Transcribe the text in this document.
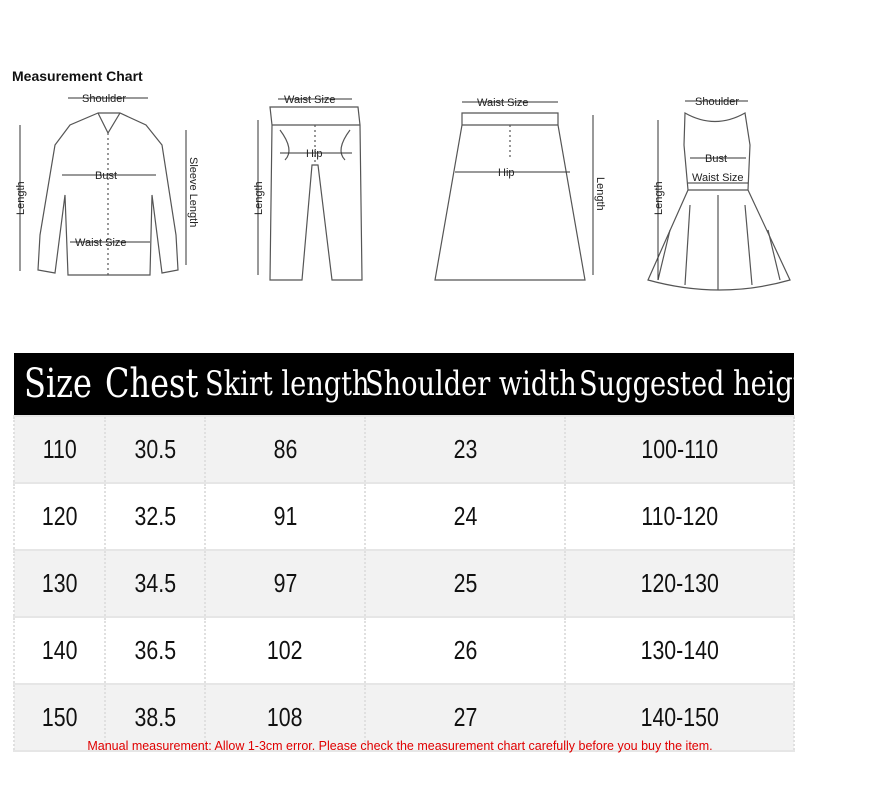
Measurement Chart
Shoulder
Bust
Waist Size
Length	Sleeve Length
Waist Size
Hip
Length
Waist Size
Hip
Length
Shoulder
Bust
Waist Size
Length
Size	Chest	Skirt length	Shoulder width	Suggested heigth
110	30.5	86	23	100-110
120	32.5	91	24	110-120
130	34.5	97	25	120-130
140	36.5	102	26	130-140
150	38.5	108	27	140-150
Manual measurement: Allow 1-3cm error. Please check the measurement chart carefully before you buy the item.
